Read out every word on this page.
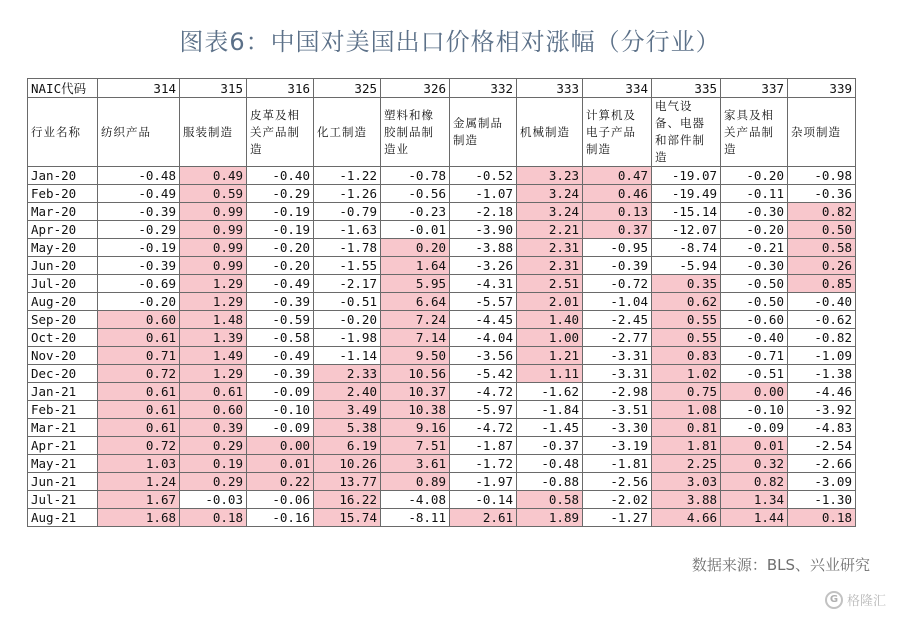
图表6：中国对美国出口价格相对涨幅（分行业）
NAIC代码	314	315	316	325	326	332	333	334	335	337	339
行业名称	纺织产品	服装制造	皮革及相关产品制造	化工制造	塑料和橡胶制品制造业	金属制品制造	机械制造	计算机及电子产品制造	电气设备、电器和部件制造	家具及相关产品制造	杂项制造
Jan-20	-0.48	0.49	-0.40	-1.22	-0.78	-0.52	3.23	0.47	-19.07	-0.20	-0.98
Feb-20	-0.49	0.59	-0.29	-1.26	-0.56	-1.07	3.24	0.46	-19.49	-0.11	-0.36
Mar-20	-0.39	0.99	-0.19	-0.79	-0.23	-2.18	3.24	0.13	-15.14	-0.30	0.82
Apr-20	-0.29	0.99	-0.19	-1.63	-0.01	-3.90	2.21	0.37	-12.07	-0.20	0.50
May-20	-0.19	0.99	-0.20	-1.78	0.20	-3.88	2.31	-0.95	-8.74	-0.21	0.58
Jun-20	-0.39	0.99	-0.20	-1.55	1.64	-3.26	2.31	-0.39	-5.94	-0.30	0.26
Jul-20	-0.69	1.29	-0.49	-2.17	5.95	-4.31	2.51	-0.72	0.35	-0.50	0.85
Aug-20	-0.20	1.29	-0.39	-0.51	6.64	-5.57	2.01	-1.04	0.62	-0.50	-0.40
Sep-20	0.60	1.48	-0.59	-0.20	7.24	-4.45	1.40	-2.45	0.55	-0.60	-0.62
Oct-20	0.61	1.39	-0.58	-1.98	7.14	-4.04	1.00	-2.77	0.55	-0.40	-0.82
Nov-20	0.71	1.49	-0.49	-1.14	9.50	-3.56	1.21	-3.31	0.83	-0.71	-1.09
Dec-20	0.72	1.29	-0.39	2.33	10.56	-5.42	1.11	-3.31	1.02	-0.51	-1.38
Jan-21	0.61	0.61	-0.09	2.40	10.37	-4.72	-1.62	-2.98	0.75	0.00	-4.46
Feb-21	0.61	0.60	-0.10	3.49	10.38	-5.97	-1.84	-3.51	1.08	-0.10	-3.92
Mar-21	0.61	0.39	-0.09	5.38	9.16	-4.72	-1.45	-3.30	0.81	-0.09	-4.83
Apr-21	0.72	0.29	0.00	6.19	7.51	-1.87	-0.37	-3.19	1.81	0.01	-2.54
May-21	1.03	0.19	0.01	10.26	3.61	-1.72	-0.48	-1.81	2.25	0.32	-2.66
Jun-21	1.24	0.29	0.22	13.77	0.89	-1.97	-0.88	-2.56	3.03	0.82	-3.09
Jul-21	1.67	-0.03	-0.06	16.22	-4.08	-0.14	0.58	-2.02	3.88	1.34	-1.30
Aug-21	1.68	0.18	-0.16	15.74	-8.11	2.61	1.89	-1.27	4.66	1.44	0.18
数据来源：BLS、兴业研究
G 格隆汇
